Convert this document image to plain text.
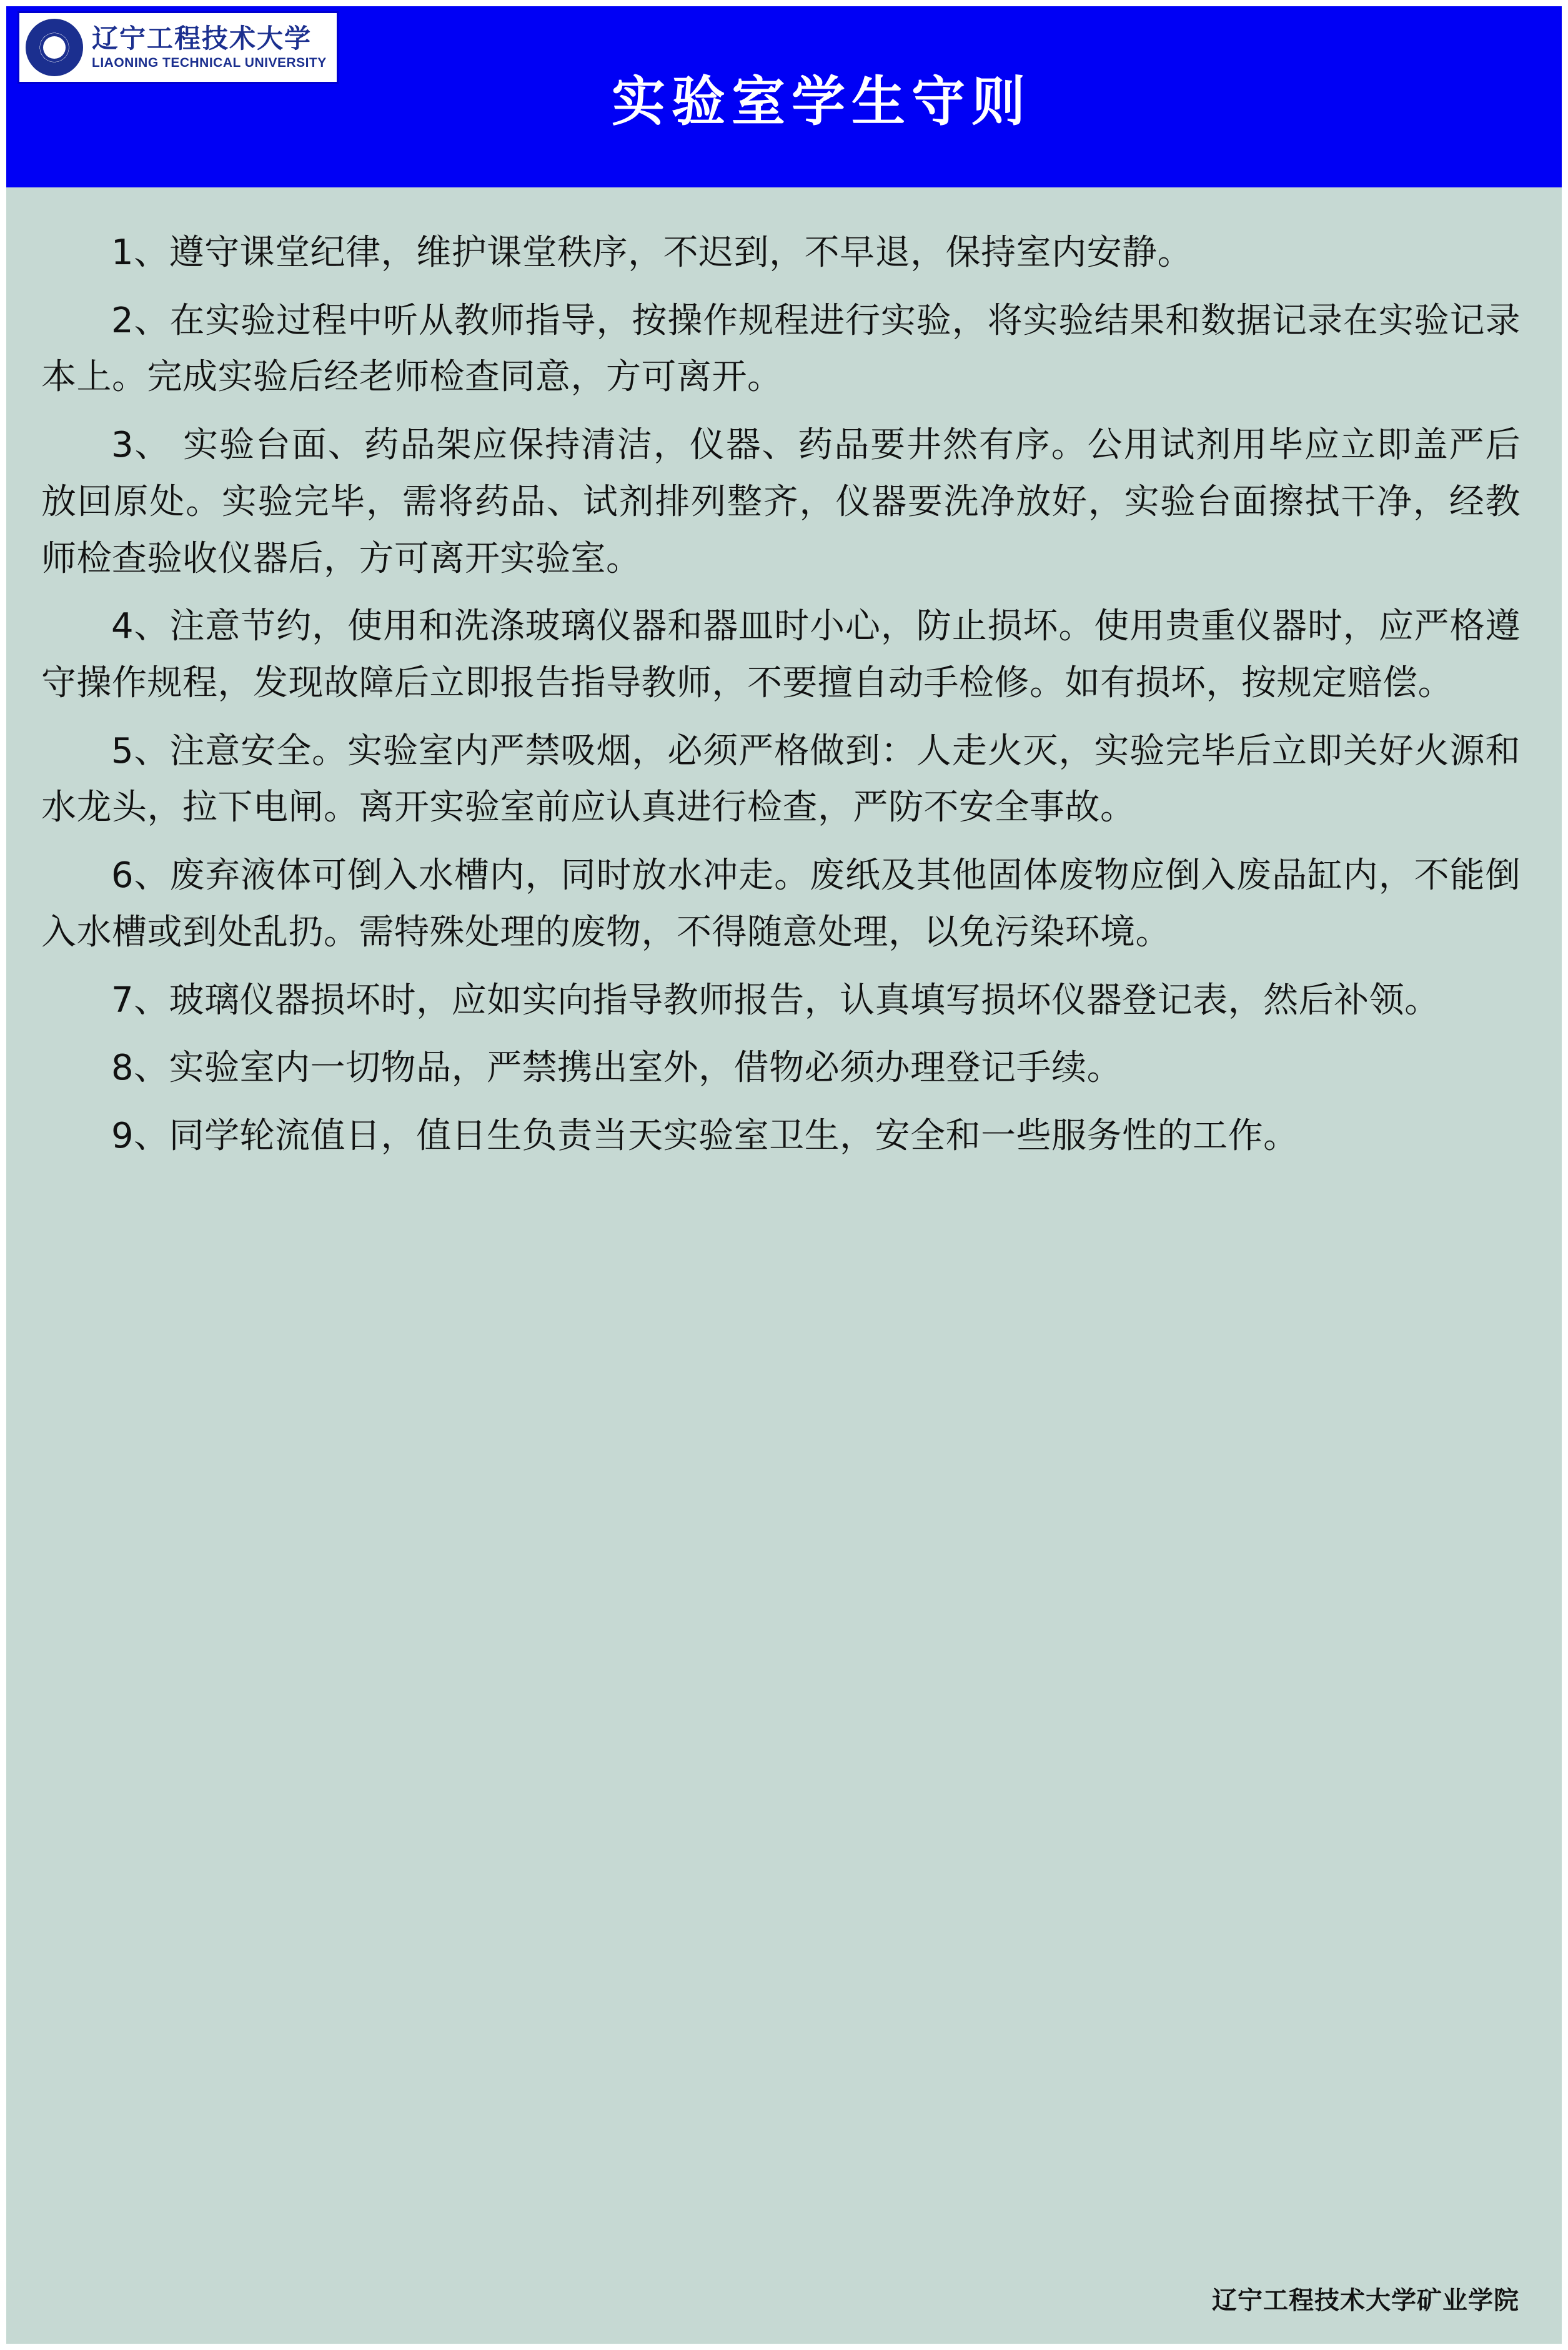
辽宁工程技术大学
LIAONING TECHNICAL UNIVERSITY
实验室学生守则

1、遵守课堂纪律，维护课堂秩序，不迟到，不早退，保持室内安静。

2、在实验过程中听从教师指导，按操作规程进行实验，将实验结果和数据记录在实验记录本上。完成实验后经老师检查同意，方可离开。

3、 实验台面、药品架应保持清洁，仪器、药品要井然有序。公用试剂用毕应立即盖严后放回原处。实验完毕，需将药品、试剂排列整齐，仪器要洗净放好，实验台面擦拭干净，经教师检查验收仪器后，方可离开实验室。

4、注意节约，使用和洗涤玻璃仪器和器皿时小心，防止损坏。使用贵重仪器时，应严格遵守操作规程，发现故障后立即报告指导教师，不要擅自动手检修。如有损坏，按规定赔偿。

5、注意安全。实验室内严禁吸烟，必须严格做到：人走火灭，实验完毕后立即关好火源和水龙头，拉下电闸。离开实验室前应认真进行检查，严防不安全事故。

6、废弃液体可倒入水槽内，同时放水冲走。废纸及其他固体废物应倒入废品缸内，不能倒入水槽或到处乱扔。需特殊处理的废物，不得随意处理，以免污染环境。

7、玻璃仪器损坏时，应如实向指导教师报告，认真填写损坏仪器登记表，然后补领。

8、实验室内一切物品，严禁携出室外，借物必须办理登记手续。

9、同学轮流值日，值日生负责当天实验室卫生，安全和一些服务性的工作。

辽宁工程技术大学矿业学院
